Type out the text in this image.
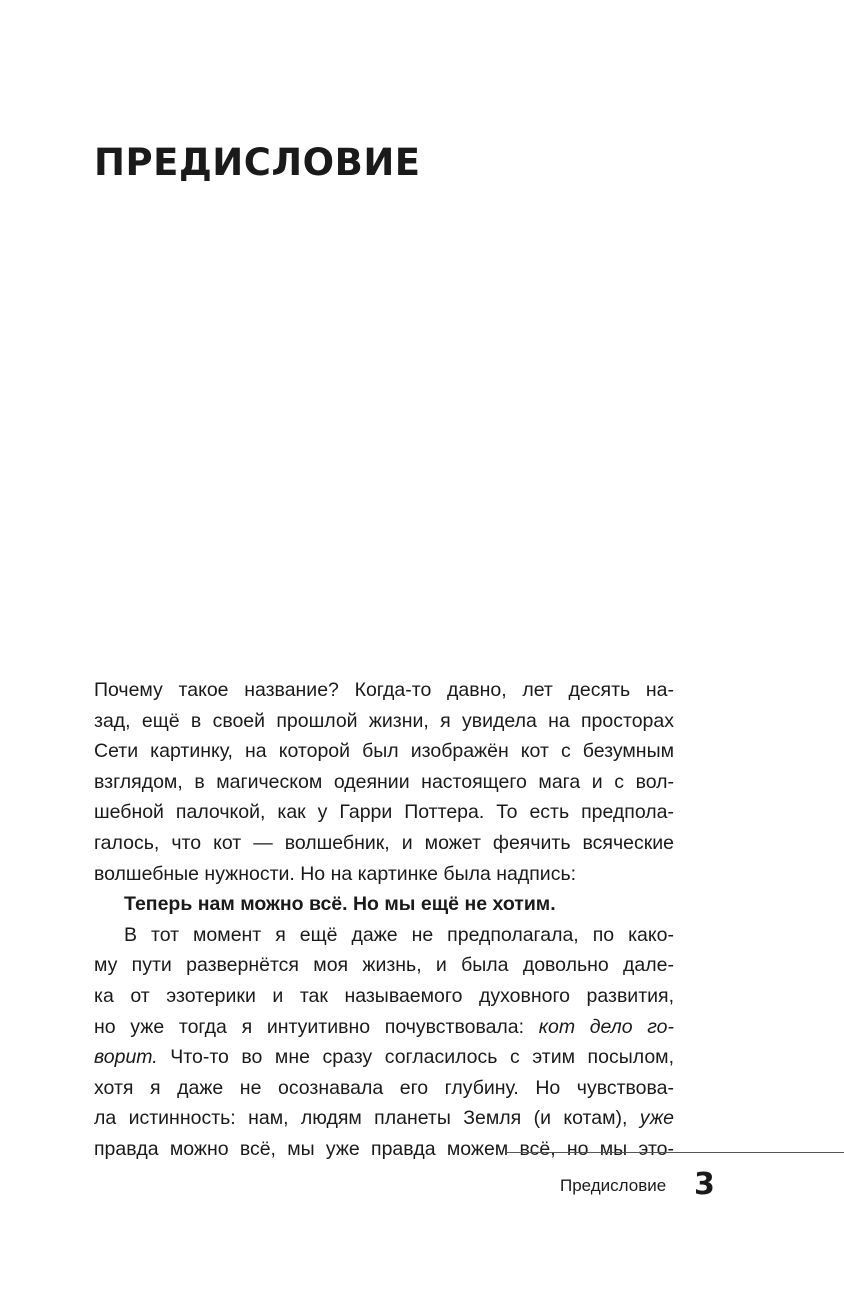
ПРЕДИСЛОВИЕ
Почему такое название? Когда-то давно, лет десять на-
зад, ещё в своей прошлой жизни, я увидела на просторах
Сети картинку, на которой был изображён кот с безумным
взглядом, в магическом одеянии настоящего мага и с вол-
шебной палочкой, как у Гарри Поттера. То есть предпола-
галось, что кот — волшебник, и может феячить всяческие
волшебные нужности. Но на картинке была надпись:
Теперь нам можно всё. Но мы ещё не хотим.
В тот момент я ещё даже не предполагала, по како-
му пути развернётся моя жизнь, и была довольно дале-
ка от эзотерики и так называемого духовного развития,
но уже тогда я интуитивно почувствовала: кот дело го-
ворит. Что-то во мне сразу согласилось с этим посылом,
хотя я даже не осознавала его глубину. Но чувствова-
ла истинность: нам, людям планеты Земля (и котам), уже
правда можно всё, мы уже правда можем всё, но мы это-
Предисловие 3
